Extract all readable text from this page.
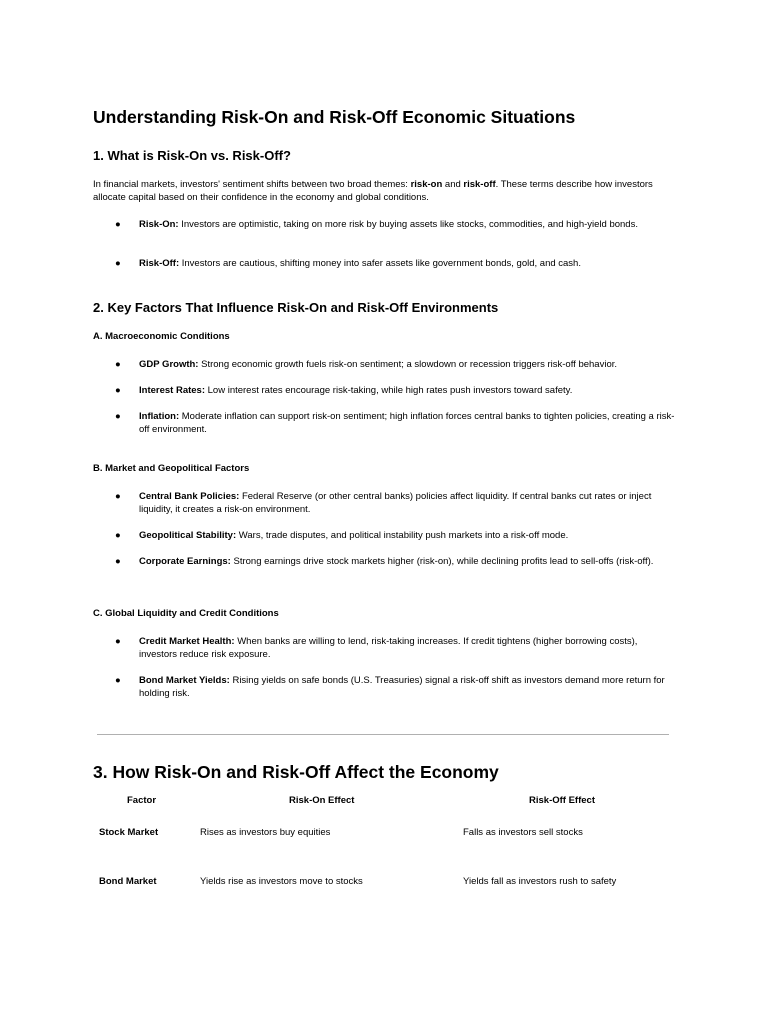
Understanding Risk-On and Risk-Off Economic Situations
1. What is Risk-On vs. Risk-Off?
In financial markets, investors' sentiment shifts between two broad themes: risk-on and risk-off. These terms describe how investors allocate capital based on their confidence in the economy and global conditions.
●	Risk-On: Investors are optimistic, taking on more risk by buying assets like stocks, commodities, and high-yield bonds.
●	Risk-Off: Investors are cautious, shifting money into safer assets like government bonds, gold, and cash.
2. Key Factors That Influence Risk-On and Risk-Off Environments
A. Macroeconomic Conditions
●	GDP Growth: Strong economic growth fuels risk-on sentiment; a slowdown or recession triggers risk-off behavior.
●	Interest Rates: Low interest rates encourage risk-taking, while high rates push investors toward safety.
●	Inflation: Moderate inflation can support risk-on sentiment; high inflation forces central banks to tighten policies, creating a risk-off environment.
B. Market and Geopolitical Factors
●	Central Bank Policies: Federal Reserve (or other central banks) policies affect liquidity. If central banks cut rates or inject liquidity, it creates a risk-on environment.
●	Geopolitical Stability: Wars, trade disputes, and political instability push markets into a risk-off mode.
●	Corporate Earnings: Strong earnings drive stock markets higher (risk-on), while declining profits lead to sell-offs (risk-off).
C. Global Liquidity and Credit Conditions
●	Credit Market Health: When banks are willing to lend, risk-taking increases. If credit tightens (higher borrowing costs), investors reduce risk exposure.
●	Bond Market Yields: Rising yields on safe bonds (U.S. Treasuries) signal a risk-off shift as investors demand more return for holding risk.
3. How Risk-On and Risk-Off Affect the Economy
Factor	Risk-On Effect	Risk-Off Effect
Stock Market	Rises as investors buy equities	Falls as investors sell stocks
Bond Market	Yields rise as investors move to stocks	Yields fall as investors rush to safety
